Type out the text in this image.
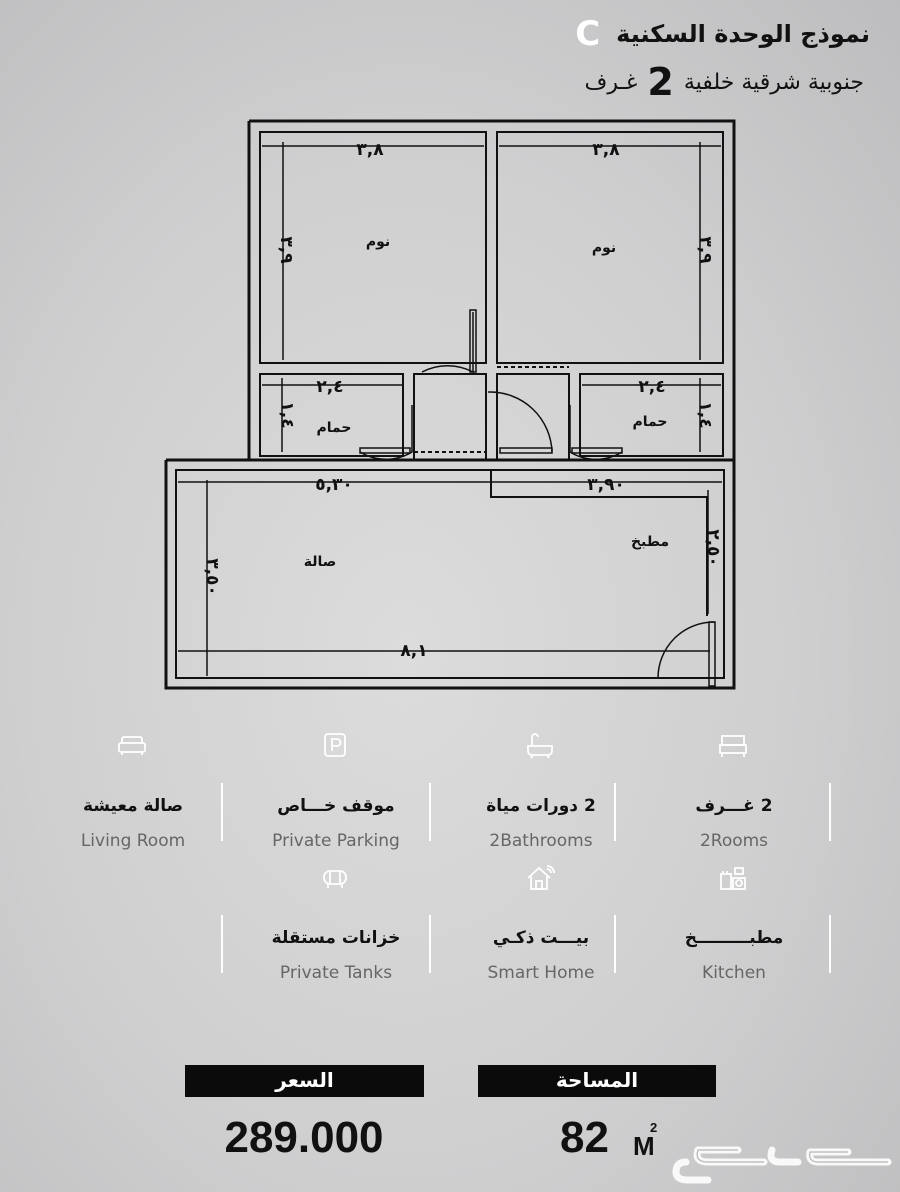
نموذج الوحدة السكنية
C
جنوبية شرقية خلفية
2
غـرف
نوم	نوم
حمام	حمام
صالة
مطبخ
٣,٨	٣,٨
٣,٩	٣,٩
٢,٤	٢,٤
١,٤	١,٤
٥,٣٠	٣,٩٠
٢,٥٠
٣,٥٠
٨,١
2 غـــرف
2Rooms
2 دورات مياة
2Bathrooms
موقف خـــاص
Private Parking
صالة معيشة
Living Room
مطبـــــــــخ
Kitchen
بيـــت ذكـي
Smart Home
خزانات مستقلة
Private Tanks
السعر	المساحة
289.000	82 M
2
